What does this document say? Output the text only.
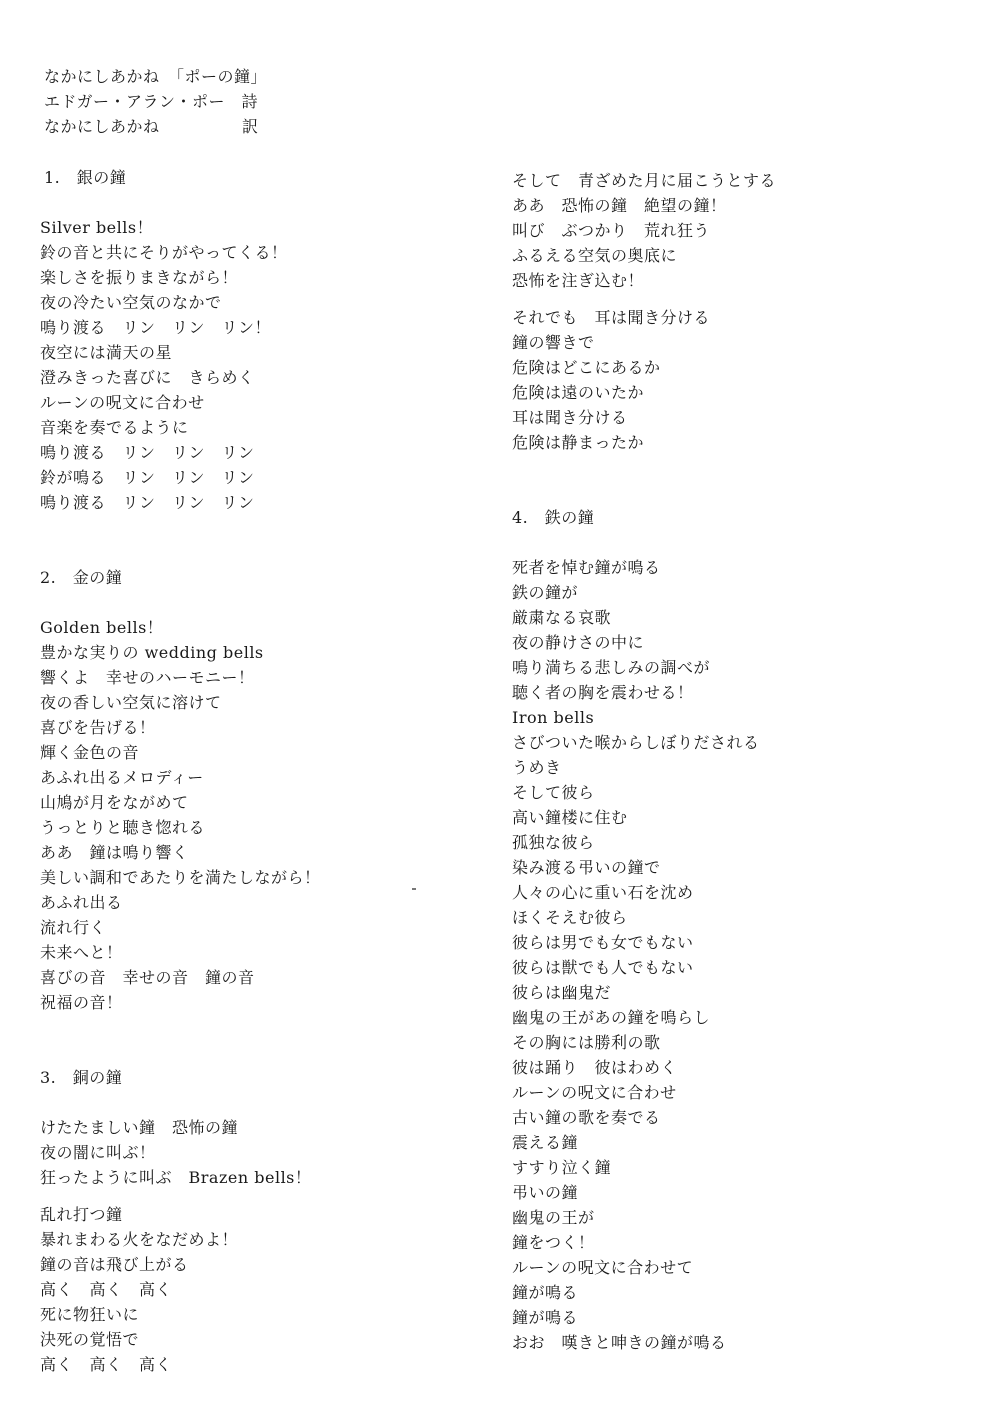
なかにしあかね　「ポーの鐘」
エドガー・アラン・ポー　詩
なかにしあかね　　　　　訳
1.　銀の鐘
Silver bells！
鈴の音と共にそりがやってくる！
楽しさを振りまきながら！
夜の冷たい空気のなかで
鳴り渡る　リン　リン　リン！
夜空には満天の星
澄みきった喜びに　きらめく
ルーンの呪文に合わせ
音楽を奏でるように
鳴り渡る　リン　リン　リン
鈴が鳴る　リン　リン　リン
鳴り渡る　リン　リン　リン
2.　金の鐘
Golden bells！
豊かな実りの wedding bells
響くよ　幸せのハーモニー！
夜の香しい空気に溶けて
喜びを告げる！
輝く金色の音
あふれ出るメロディー
山鳩が月をながめて
うっとりと聴き惚れる
ああ　鐘は鳴り響く
美しい調和であたりを満たしながら！
あふれ出る
流れ行く
未来へと！
喜びの音　幸せの音　鐘の音
祝福の音！
3.　銅の鐘
けたたましい鐘　恐怖の鐘
夜の闇に叫ぶ！
狂ったように叫ぶ　Brazen bells！
乱れ打つ鐘
暴れまわる火をなだめよ！
鐘の音は飛び上がる
高く　高く　高く
死に物狂いに
決死の覚悟で
高く　高く　高く
そして　青ざめた月に届こうとする
ああ　恐怖の鐘　絶望の鐘！
叫び　ぶつかり　荒れ狂う
ふるえる空気の奥底に
恐怖を注ぎ込む！
それでも　耳は聞き分ける
鐘の響きで
危険はどこにあるか
危険は遠のいたか
耳は聞き分ける
危険は静まったか
4.　鉄の鐘
死者を悼む鐘が鳴る
鉄の鐘が
厳粛なる哀歌
夜の静けさの中に
鳴り満ちる悲しみの調べが
聴く者の胸を震わせる！
Iron bells
さびついた喉からしぼりだされる
うめき
そして彼ら
高い鐘楼に住む
孤独な彼ら
染み渡る弔いの鐘で
人々の心に重い石を沈め
ほくそえむ彼ら
彼らは男でも女でもない
彼らは獣でも人でもない
彼らは幽鬼だ
幽鬼の王があの鐘を鳴らし
その胸には勝利の歌
彼は踊り　彼はわめく
ルーンの呪文に合わせ
古い鐘の歌を奏でる
震える鐘
すすり泣く鐘
弔いの鐘
幽鬼の王が
鐘をつく！
ルーンの呪文に合わせて
鐘が鳴る
鐘が鳴る
おお　嘆きと呻きの鐘が鳴る
